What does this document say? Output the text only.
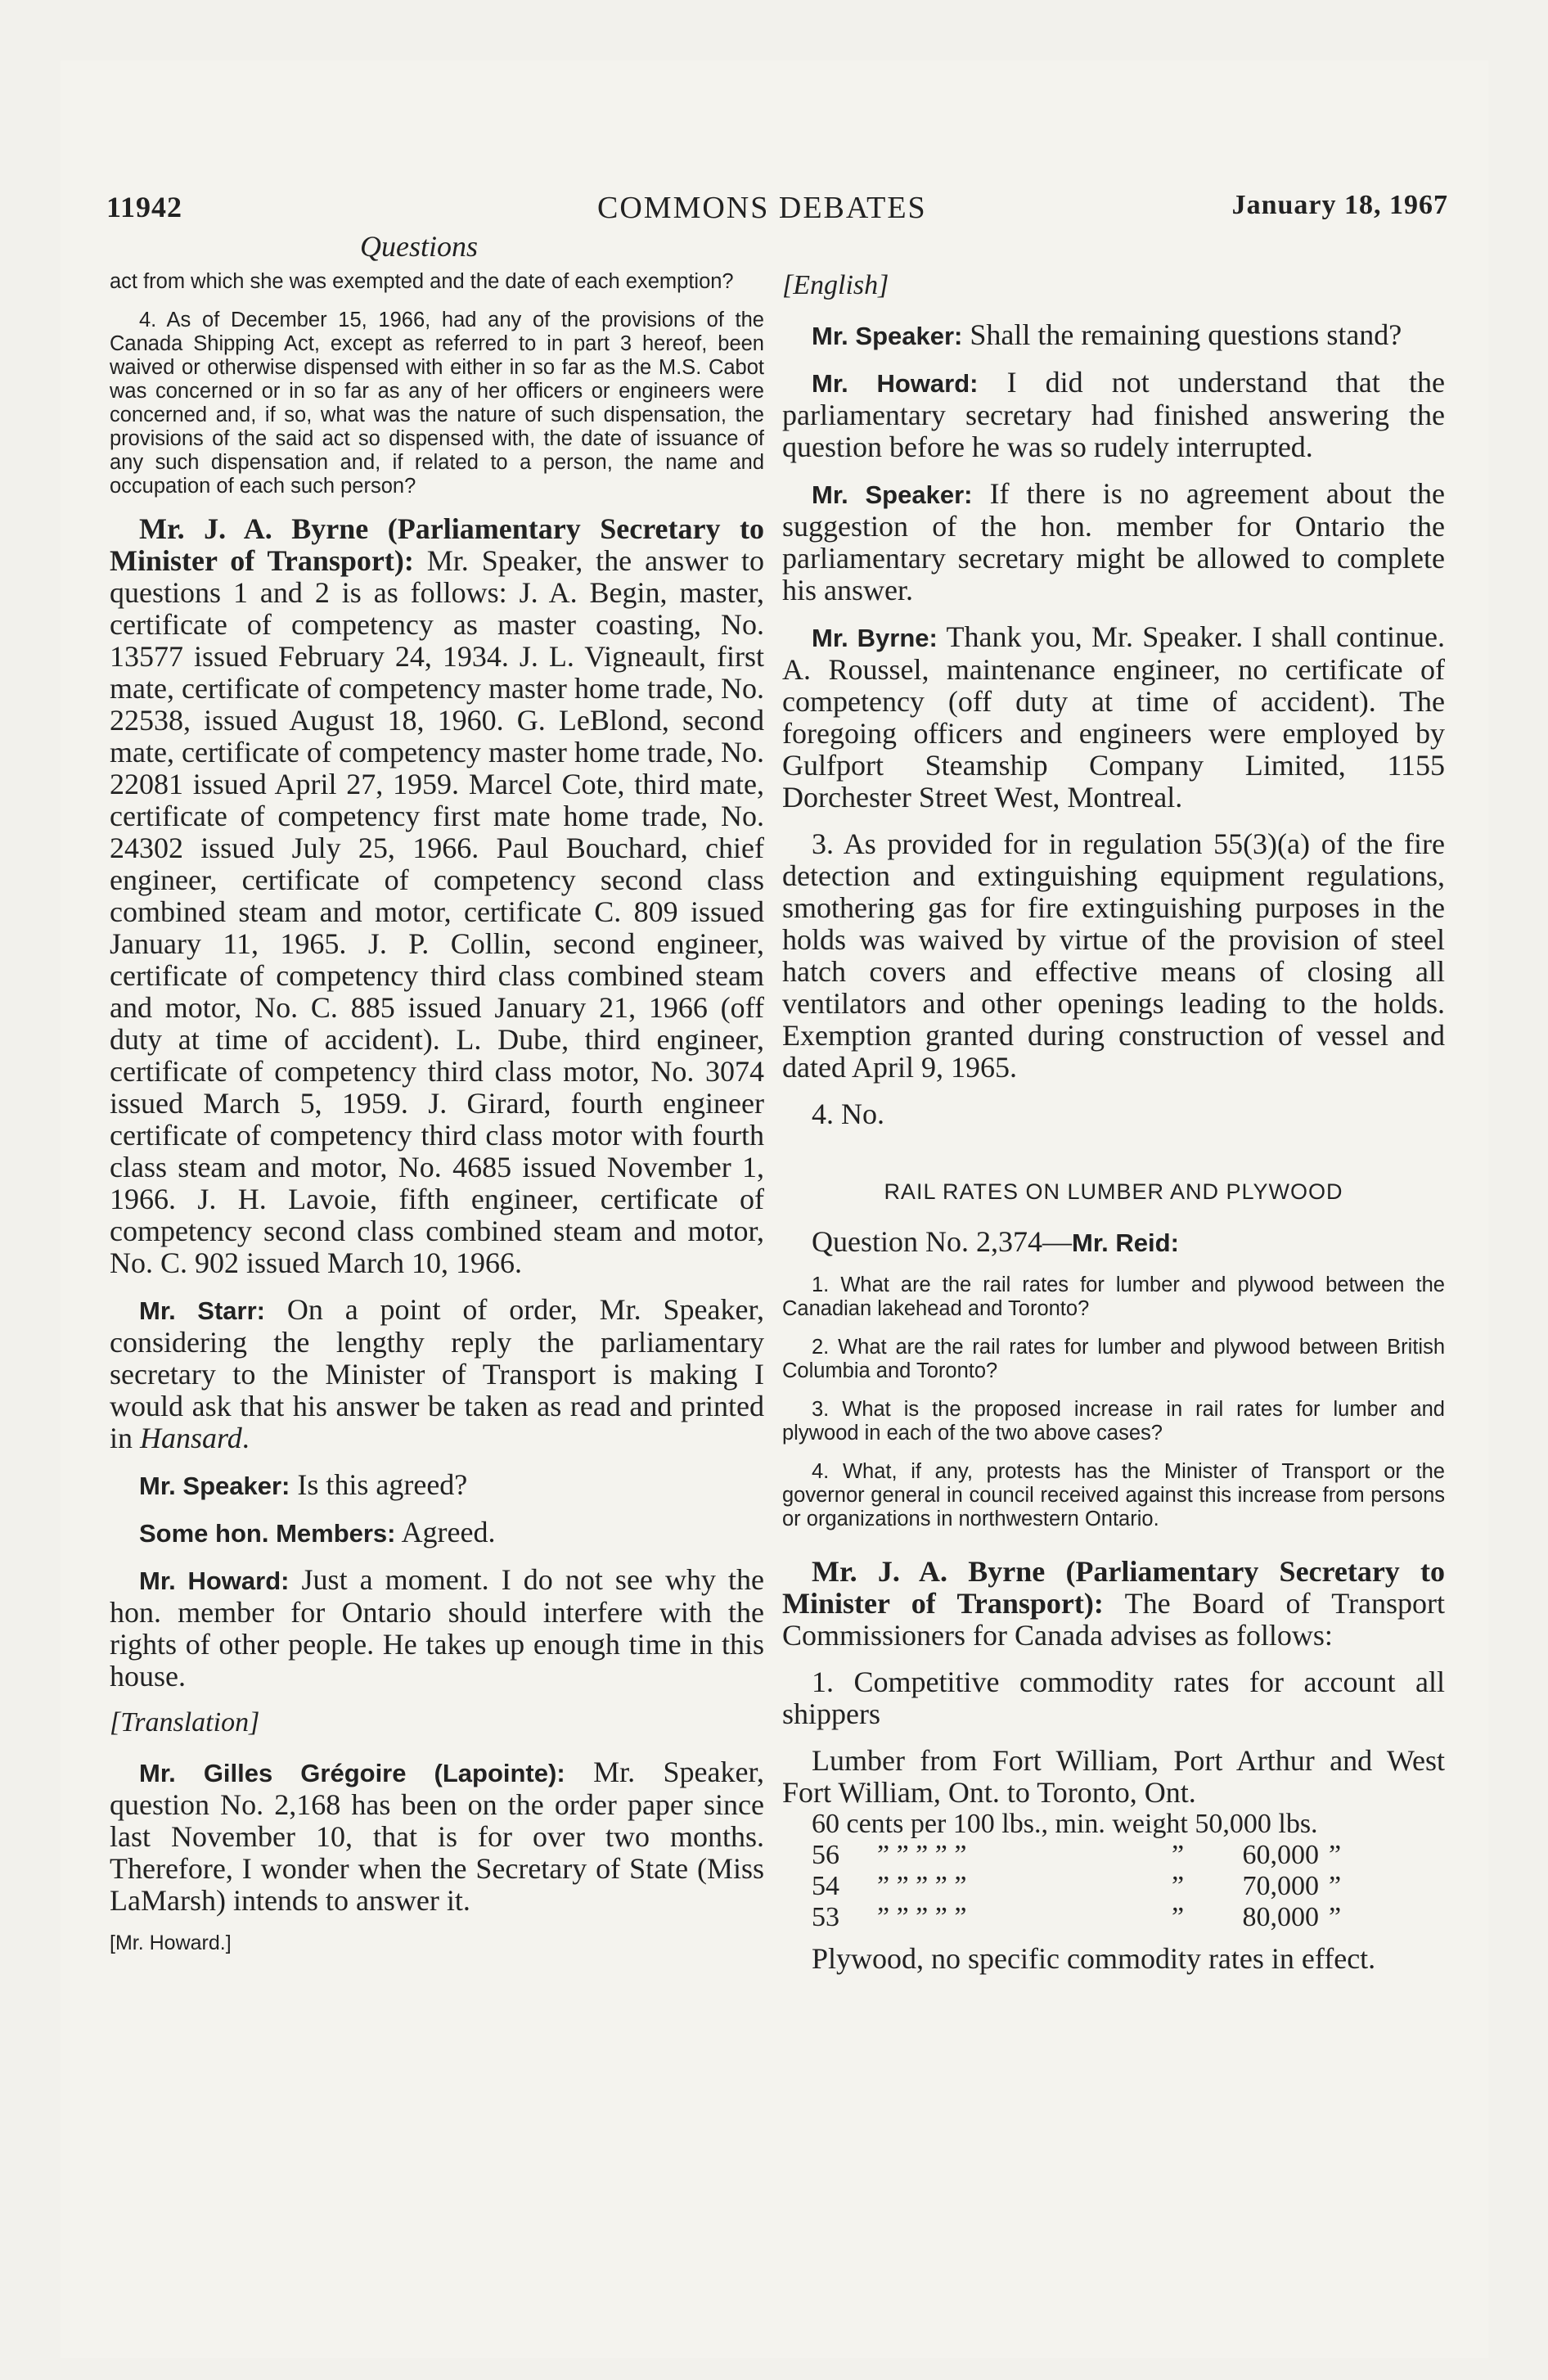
11942	COMMONS DEBATES	January 18, 1967
Questions

act from which she was exempted and the date of each exemption?

4. As of December 15, 1966, had any of the provisions of the Canada Shipping Act, except as referred to in part 3 hereof, been waived or otherwise dispensed with either in so far as the M.S. Cabot was concerned or in so far as any of her officers or engineers were concerned and, if so, what was the nature of such dispensation, the provisions of the said act so dispensed with, the date of issuance of any such dispensation and, if related to a person, the name and occupation of each such person?

Mr. J. A. Byrne (Parliamentary Secretary to Minister of Transport): Mr. Speaker, the answer to questions 1 and 2 is as follows: J. A. Begin, master, certificate of competency as master coasting, No. 13577 issued February 24, 1934. J. L. Vigneault, first mate, certificate of competency master home trade, No. 22538, issued August 18, 1960. G. LeBlond, second mate, certificate of competency master home trade, No. 22081 issued April 27, 1959. Marcel Cote, third mate, certificate of competency first mate home trade, No. 24302 issued July 25, 1966. Paul Bouchard, chief engineer, certificate of competency second class combined steam and motor, certificate C. 809 issued January 11, 1965. J. P. Collin, second engineer, certificate of competency third class combined steam and motor, No. C. 885 issued January 21, 1966 (off duty at time of accident). L. Dube, third engineer, certificate of competency third class motor, No. 3074 issued March 5, 1959. J. Girard, fourth engineer certificate of competency third class motor with fourth class steam and motor, No. 4685 issued November 1, 1966. J. H. Lavoie, fifth engineer, certificate of competency second class combined steam and motor, No. C. 902 issued March 10, 1966.

Mr. Starr: On a point of order, Mr. Speaker, considering the lengthy reply the parliamentary secretary to the Minister of Transport is making I would ask that his answer be taken as read and printed in Hansard.

Mr. Speaker: Is this agreed?

Some hon. Members: Agreed.

Mr. Howard: Just a moment. I do not see why the hon. member for Ontario should interfere with the rights of other people. He takes up enough time in this house.

[Translation]

Mr. Gilles Grégoire (Lapointe): Mr. Speaker, question No. 2,168 has been on the order paper since last November 10, that is for over two months. Therefore, I wonder when the Secretary of State (Miss LaMarsh) intends to answer it.

[Mr. Howard.]

[English]

Mr. Speaker: Shall the remaining questions stand?

Mr. Howard: I did not understand that the parliamentary secretary had finished answering the question before he was so rudely interrupted.

Mr. Speaker: If there is no agreement about the suggestion of the hon. member for Ontario the parliamentary secretary might be allowed to complete his answer.

Mr. Byrne: Thank you, Mr. Speaker. I shall continue. A. Roussel, maintenance engineer, no certificate of competency (off duty at time of accident). The foregoing officers and engineers were employed by Gulfport Steamship Company Limited, 1155 Dorchester Street West, Montreal.

3. As provided for in regulation 55(3)(a) of the fire detection and extinguishing equipment regulations, smothering gas for fire extinguishing purposes in the holds was waived by virtue of the provision of steel hatch covers and effective means of closing all ventilators and other openings leading to the holds. Exemption granted during construction of vessel and dated April 9, 1965.

4. No.

RAIL RATES ON LUMBER AND PLYWOOD

Question No. 2,374—Mr. Reid:

1. What are the rail rates for lumber and plywood between the Canadian lakehead and Toronto?

2. What are the rail rates for lumber and plywood between British Columbia and Toronto?

3. What is the proposed increase in rail rates for lumber and plywood in each of the two above cases?

4. What, if any, protests has the Minister of Transport or the governor general in council received against this increase from persons or organizations in northwestern Ontario.

Mr. J. A. Byrne (Parliamentary Secretary to Minister of Transport): The Board of Transport Commissioners for Canada advises as follows:

1. Competitive commodity rates for account all shippers

Lumber from Fort William, Port Arthur and West Fort William, Ont. to Toronto, Ont.

60 cents per 100 lbs., min. weight 50,000 lbs.
56	” ” ” ” ”	”	60,000 ”
54	” ” ” ” ”	”	70,000 ”
53	” ” ” ” ”	”	80,000 ”

Plywood, no specific commodity rates in effect.
